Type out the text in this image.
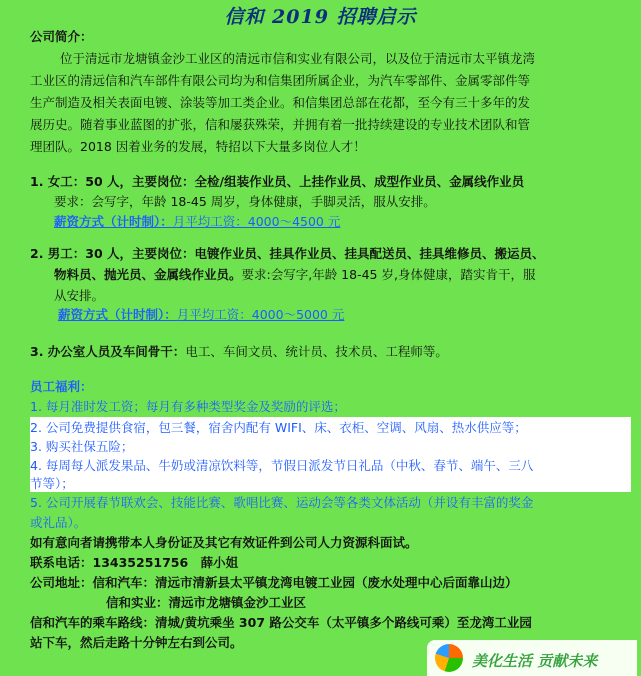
信和 2019 招聘启示
公司简介：
位于清远市龙塘镇金沙工业区的清远市信和实业有限公司，以及位于清远市太平镇龙湾
工业区的清远信和汽车部件有限公司均为和信集团所属企业，为汽车零部件、金属零部件等
生产制造及相关表面电镀、涂装等加工类企业。和信集团总部在花都，至今有三十多年的发
展历史。随着事业蓝图的扩张，信和屡获殊荣，并拥有着一批持续建设的专业技术团队和管
理团队。2018 因着业务的发展，特招以下大量多岗位人才！
1. 女工：50 人，主要岗位：全检/组装作业员、上挂作业员、成型作业员、金属线作业员
要求：会写字，年龄 18-45 周岁，身体健康，手脚灵活，服从安排。
薪资方式（计时制）：月平均工资：4000～4500 元
2. 男工：30 人，主要岗位：电镀作业员、挂具作业员、挂具配送员、挂具维修员、搬运员、
物料员、抛光员、金属线作业员。要求:会写字,年龄 18-45 岁,身体健康，踏实肯干，服
从安排。
薪资方式（计时制）：月平均工资：4000～5000 元
3. 办公室人员及车间骨干：电工、车间文员、统计员、技术员、工程师等。
员工福利：
1. 每月准时发工资；每月有多种类型奖金及奖励的评选；
2. 公司免费提供食宿，包三餐，宿舍内配有 WIFI、床、衣柜、空调、风扇、热水供应等；
3. 购买社保五险；
4. 每周每人派发果品、牛奶或清凉饮料等，节假日派发节日礼品（中秋、春节、端午、三八
节等）；
5. 公司开展春节联欢会、技能比赛、歌唱比赛、运动会等各类文体活动（并设有丰富的奖金
或礼品）。
如有意向者请携带本人身份证及其它有效证件到公司人力资源科面试。
联系电话：13435251756 薛小姐
公司地址：信和汽车：清远市清新县太平镇龙湾电镀工业园（废水处理中心后面靠山边）
信和实业：清远市龙塘镇金沙工业区
信和汽车的乘车路线：清城/黄坑乘坐 307 路公交车（太平镇多个路线可乘）至龙湾工业园
站下车，然后走路十分钟左右到公司。
美化生活 贡献未来
